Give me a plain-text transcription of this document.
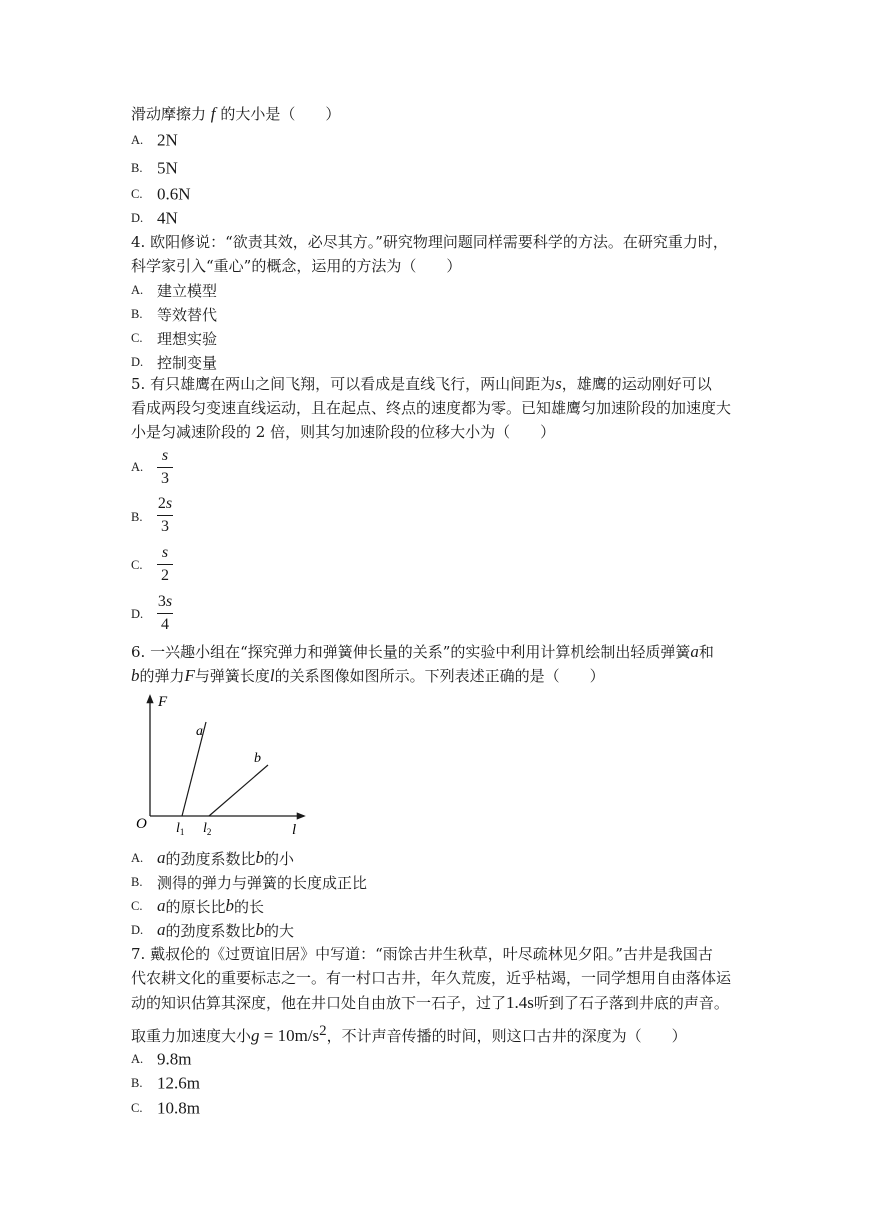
滑动摩擦力 f 的大小是（　　）
A. 2N
B. 5N
C. 0.6N
D. 4N
4. 欧阳修说：“欲责其效，必尽其方。”研究物理问题同样需要科学的方法。在研究重力时，
科学家引入“重心”的概念，运用的方法为（　　）
A. 建立模型
B. 等效替代
C. 理想实验
D. 控制变量
5. 有只雄鹰在两山之间飞翔，可以看成是直线飞行，两山间距为s，雄鹰的运动刚好可以
看成两段匀变速直线运动，且在起点、终点的速度都为零。已知雄鹰匀加速阶段的加速度大
小是匀减速阶段的 2 倍，则其匀加速阶段的位移大小为（　　）
A.
s
3
B.
2s
3
C.
s
2
D.
3s
4
6. 一兴趣小组在“探究弹力和弹簧伸长量的关系”的实验中利用计算机绘制出轻质弹簧a和
b的弹力F与弹簧长度l的关系图像如图所示。下列表述正确的是（　　）
F
O	l
a
b
$l_1$ $l_2$
A. a的劲度系数比b的小
B. 测得的弹力与弹簧的长度成正比
C. a的原长比b的长
D. a的劲度系数比b的大
7. 戴叔伦的《过贾谊旧居》中写道：“雨馀古井生秋草，叶尽疏林见夕阳。”古井是我国古
代农耕文化的重要标志之一。有一村口古井，年久荒废，近乎枯竭，一同学想用自由落体运
动的知识估算其深度，他在井口处自由放下一石子，过了1.4s听到了石子落到井底的声音。
取重力加速度大小$g = 10m/s^2$，不计声音传播的时间，则这口古井的深度为（　　）
A. 9.8m
B. 12.6m
C. 10.8m
